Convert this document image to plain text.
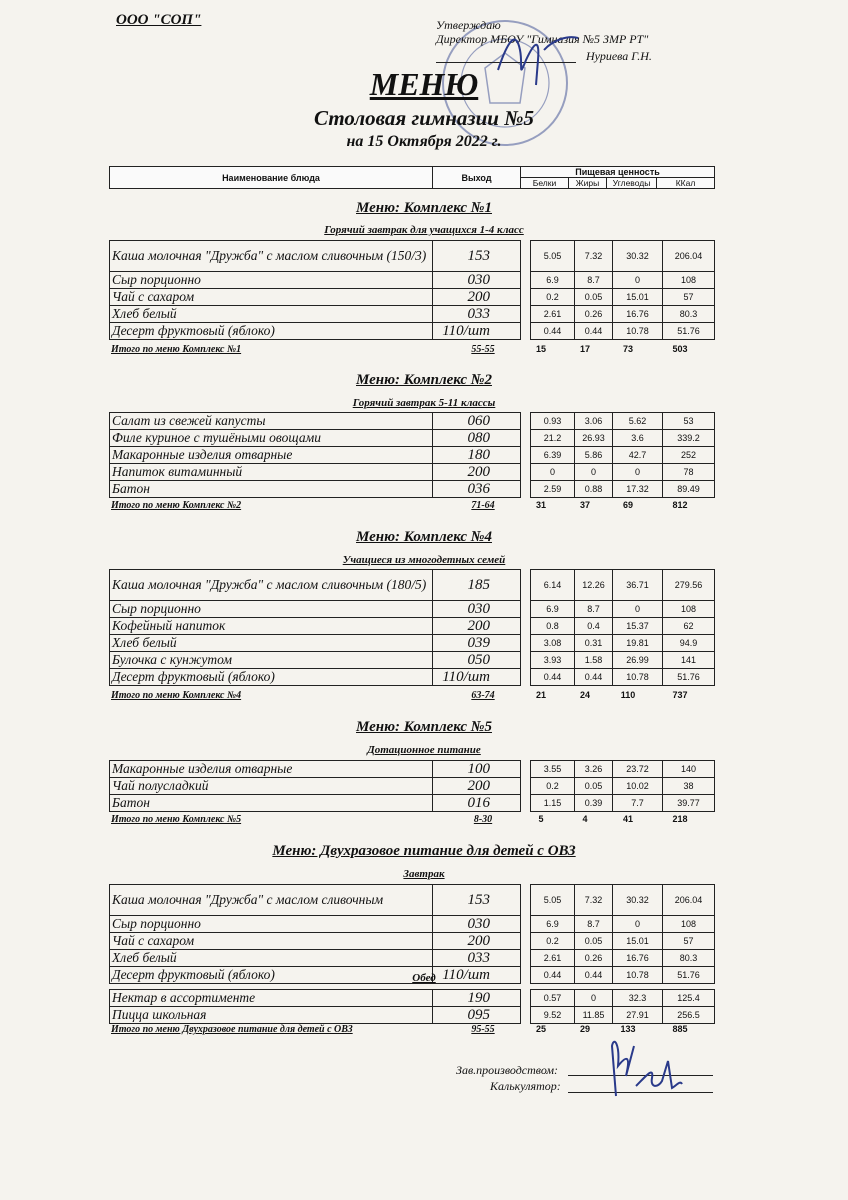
ООО "СОП"	Утверждаю
Директор МБОУ "Гимназия №5 ЗМР РТ"
Нуриева Г.Н.
МЕНЮ
Столовая гимназии №5
на 15 Октября 2022 г.
Наименование блюда	Выход	Пищевая ценность			
		Белки	Жиры	Углеводы	ККал
Меню: Комплекс №1
Горячий завтрак для учащихся 1-4 класс
Каша молочная "Дружба" с маслом сливочным (150/3)	153		5.05	7.32	30.32	206.04
Сыр порционно	030		6.9	8.7	0	108
Чай с сахаром	200		0.2	0.05	15.01	57
Хлеб белый	033		2.61	0.26	16.76	80.3
Десерт фруктовый (яблоко)	110/шт		0.44	0.44	10.78	51.76
Итого по меню Комплекс №1	55-55	15	17	73	503
Меню: Комплекс №2
Горячий завтрак 5-11 классы
Салат из свежей капусты	060		0.93	3.06	5.62	53
Филе куриное с тушёными овощами	080		21.2	26.93	3.6	339.2
Макаронные изделия отварные	180		6.39	5.86	42.7	252
Напиток витаминный	200		0	0	0	78
Батон	036		2.59	0.88	17.32	89.49
Итого по меню Комплекс №2	71-64	31	37	69	812
Меню: Комплекс №4
Учащиеся из многодетных семей
Каша молочная "Дружба" с маслом сливочным (180/5)	185		6.14	12.26	36.71	279.56
Сыр порционно	030		6.9	8.7	0	108
Кофейный напиток	200		0.8	0.4	15.37	62
Хлеб белый	039		3.08	0.31	19.81	94.9
Булочка с кунжутом	050		3.93	1.58	26.99	141
Десерт фруктовый (яблоко)	110/шт		0.44	0.44	10.78	51.76
Итого по меню Комплекс №4	63-74	21	24	110	737
Меню: Комплекс №5
Дотационное питание
Макаронные изделия отварные	100		3.55	3.26	23.72	140
Чай полусладкий	200		0.2	0.05	10.02	38
Батон	016		1.15	0.39	7.7	39.77
Итого по меню Комплекс №5	8-30	5	4	41	218
Меню: Двухразовое питание для детей с ОВЗ
Завтрак
Каша молочная "Дружба" с маслом сливочным	153		5.05	7.32	30.32	206.04
Сыр порционно	030		6.9	8.7	0	108
Чай с сахаром	200		0.2	0.05	15.01	57
Хлеб белый	033		2.61	0.26	16.76	80.3
Десерт фруктовый (яблоко)	110/шт		0.44	0.44	10.78	51.76
Обед
Нектар в ассортименте	190		0.57	0	32.3	125.4
Пицца школьная	095		9.52	11.85	27.91	256.5
Итого по меню Двухразовое питание для детей с ОВЗ	95-55	25	29	133	885
Зав.производством:
Калькулятор:
